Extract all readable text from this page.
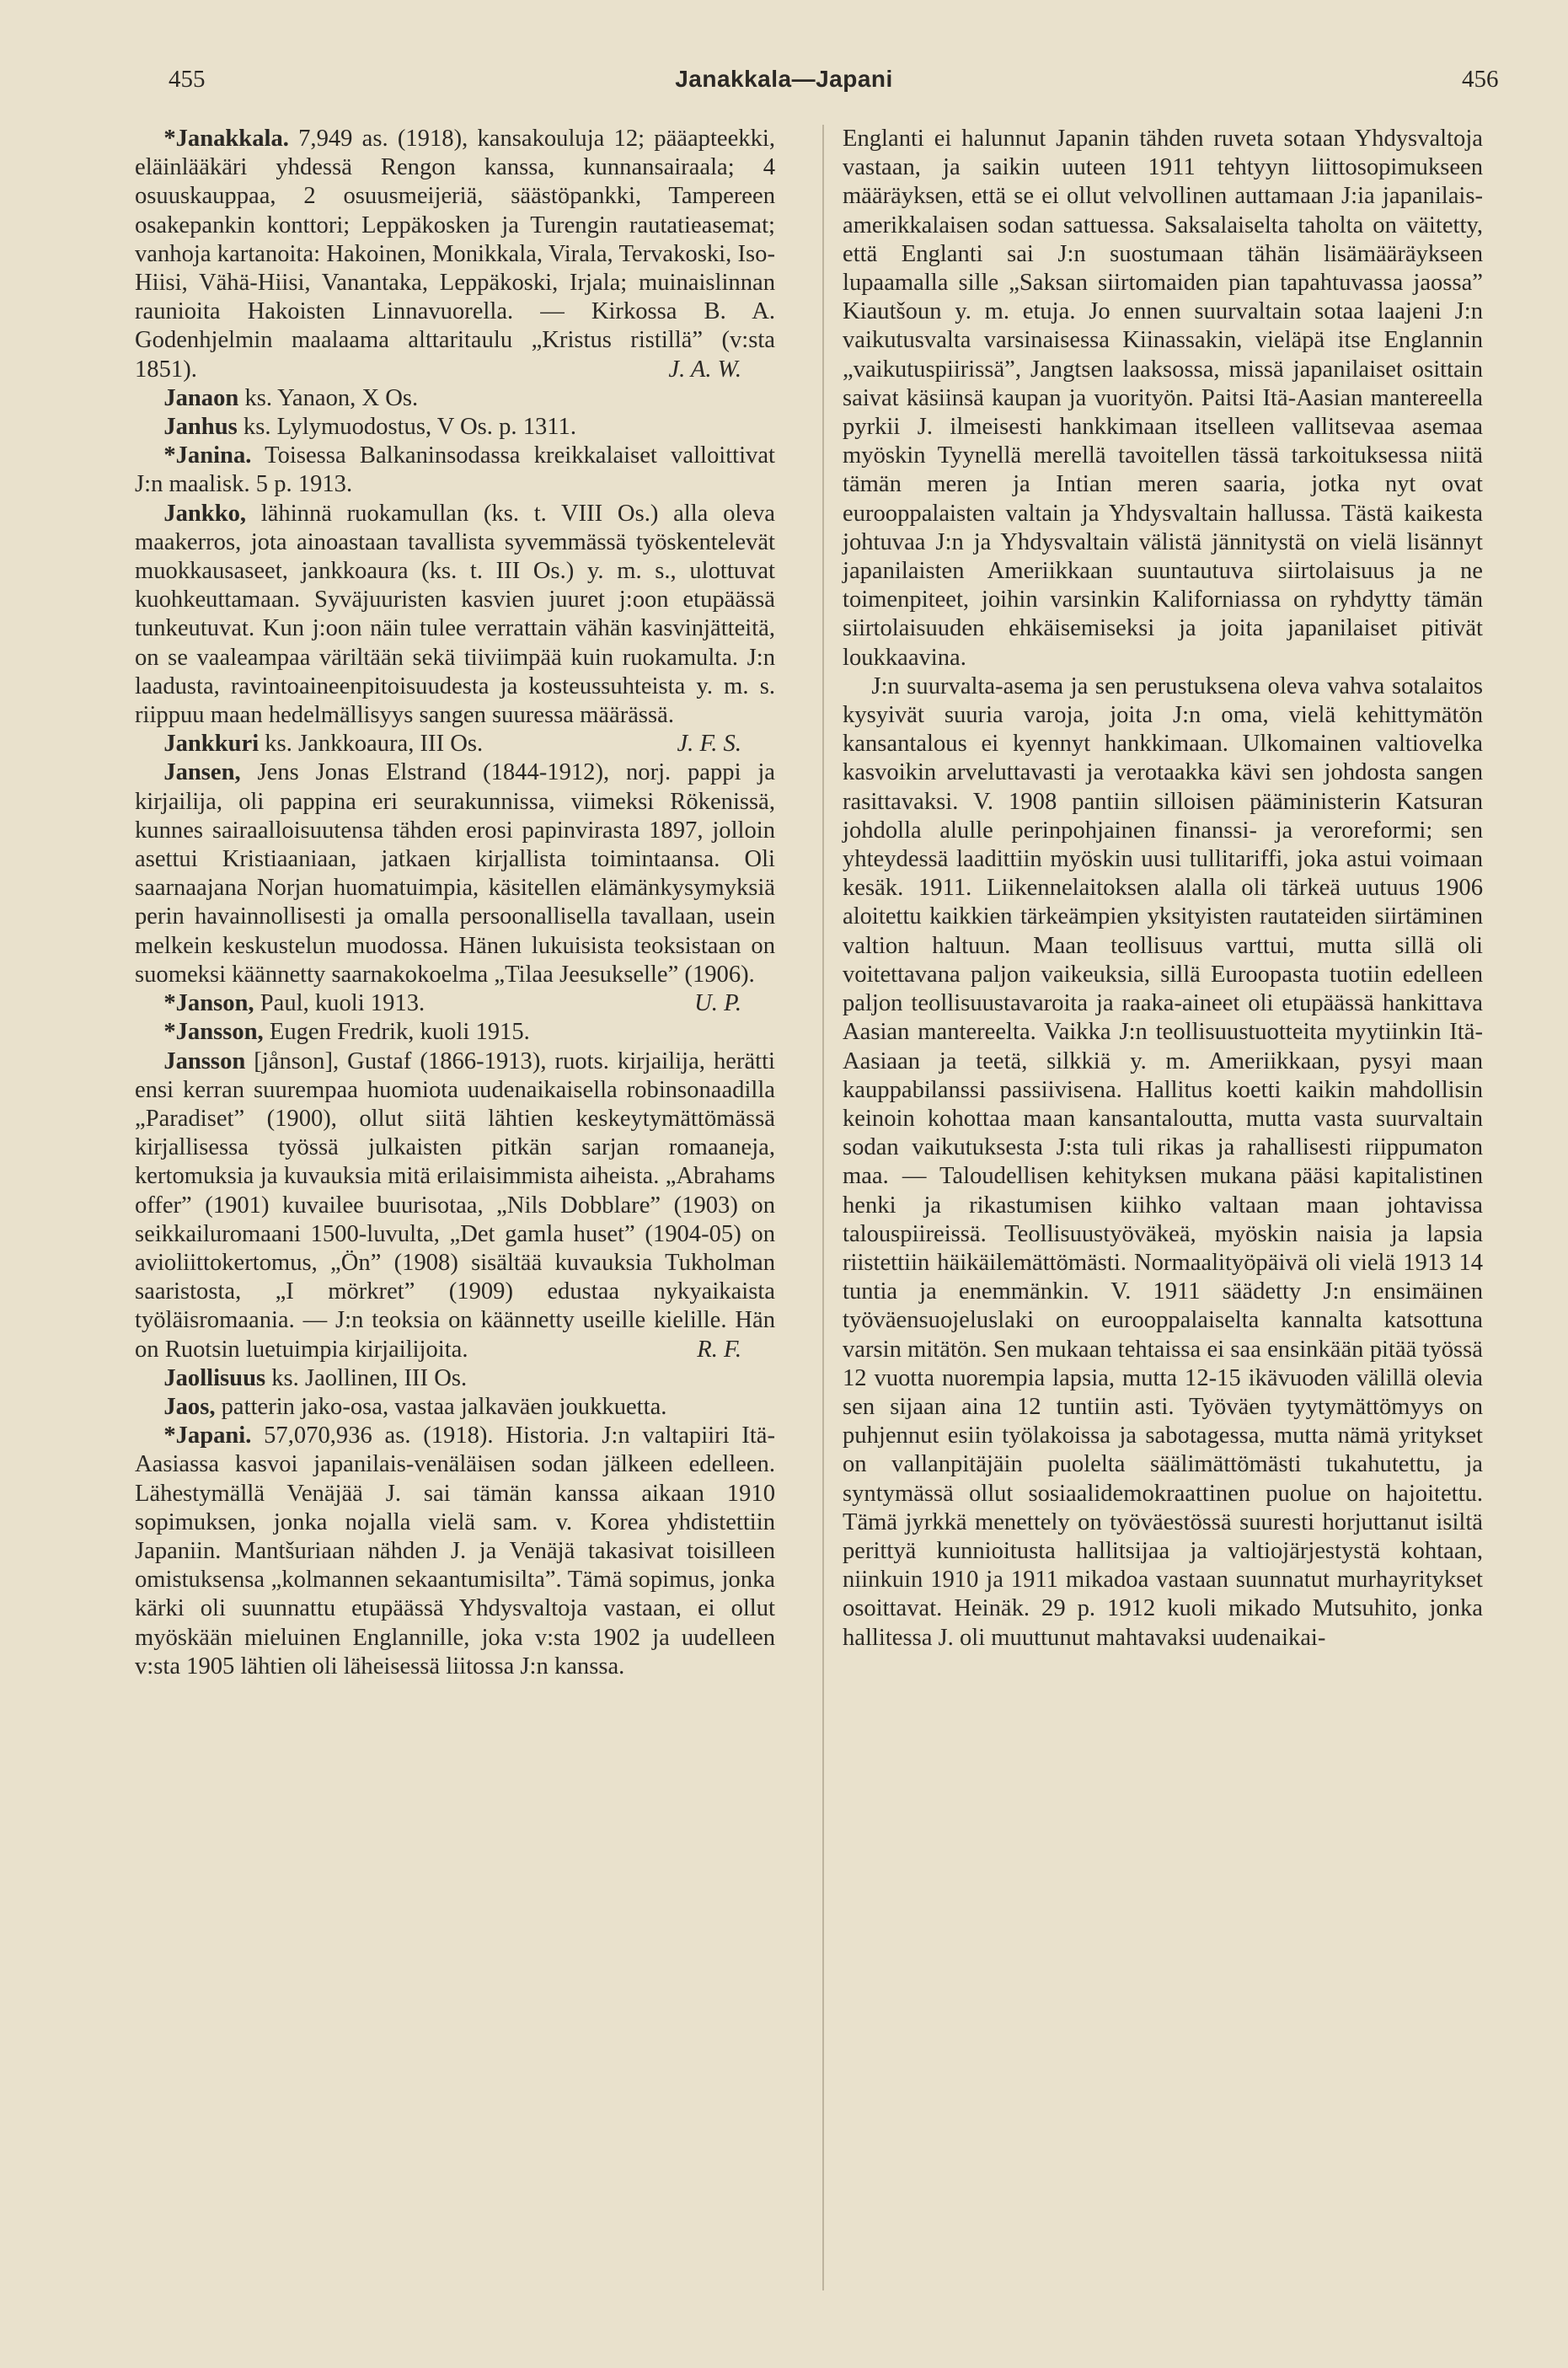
455	Janakkala—Japani	456

*Janakkala. 7,949 as. (1918), kansakouluja 12; pääapteekki, eläinlääkäri yhdessä Rengon kanssa, kunnansairaala; 4 osuuskauppaa, 2 osuusmeijeriä, säästöpankki, Tampereen osakepankin konttori; Leppäkosken ja Turengin rautatieasemat; vanhoja kartanoita: Hakoinen, Monikkala, Virala, Tervakoski, Iso-Hiisi, Vähä-Hiisi, Vanantaka, Leppäkoski, Irjala; muinaislinnan raunioita Hakoisten Linnavuorella. — Kirkossa B. A. Godenhjelmin maalaama alttaritaulu „Kristus ristillä” (v:sta 1851).	J. A. W.

Janaon ks. Yanaon, X Os.

Janhus ks. Lylymuodostus, V Os. p. 1311.

*Janina. Toisessa Balkaninsodassa kreikkalaiset valloittivat J:n maalisk. 5 p. 1913.

Jankko, lähinnä ruokamullan (ks. t. VIII Os.) alla oleva maakerros, jota ainoastaan tavallista syvemmässä työskentelevät muokkausaseet, jankkoaura (ks. t. III Os.) y. m. s., ulottuvat kuohkeuttamaan. Syväjuuristen kasvien juuret j:oon etupäässä tunkeutuvat. Kun j:oon näin tulee verrattain vähän kasvinjätteitä, on se vaaleampaa väriltään sekä tiiviimpää kuin ruokamulta. J:n laadusta, ravintoaineenpitoisuudesta ja kosteussuhteista y. m. s. riippuu maan hedelmällisyys sangen suuressa määrässä.
J. F. S.

Jankkuri ks. Jankkoaura, III Os.

Jansen, Jens Jonas Elstrand (1844-1912), norj. pappi ja kirjailija, oli pappina eri seurakunnissa, viimeksi Rökenissä, kunnes sairaalloisuutensa tähden erosi papinvirasta 1897, jolloin asettui Kristiaaniaan, jatkaen kirjallista toimintaansa. Oli saarnaajana Norjan huomatuimpia, käsitellen elämänkysymyksiä perin havainnollisesti ja omalla persoonallisella tavallaan, usein melkein keskustelun muodossa. Hänen lukuisista teoksistaan on suomeksi käännetty saarnakokoelma „Tilaa Jeesukselle” (1906).
U. P.

*Janson, Paul, kuoli 1913.

*Jansson, Eugen Fredrik, kuoli 1915.

Jansson [jånson], Gustaf (1866-1913), ruots. kirjailija, herätti ensi kerran suurempaa huomiota uudenaikaisella robinsonaadilla „Paradiset” (1900), ollut siitä lähtien keskeytymättömässä kirjallisessa työssä julkaisten pitkän sarjan romaaneja, kertomuksia ja kuvauksia mitä erilaisimmista aiheista. „Abrahams offer” (1901) kuvailee buurisotaa, „Nils Dobblare” (1903) on seikkailuromaani 1500-luvulta, „Det gamla huset” (1904-05) on avioliittokertomus, „Ön” (1908) sisältää kuvauksia Tukholman saaristosta, „I mörkret” (1909) edustaa nykyaikaista työläisromaania. — J:n teoksia on käännetty useille kielille. Hän on Ruotsin luetuimpia kirjailijoita.	R. F.

Jaollisuus ks. Jaollinen, III Os.

Jaos, patterin jako-osa, vastaa jalkaväen joukkuetta.

*Japani. 57,070,936 as. (1918). Historia. J:n valtapiiri Itä-Aasiassa kasvoi japanilais-venäläisen sodan jälkeen edelleen. Lähestymällä Venäjää J. sai tämän kanssa aikaan 1910 sopimuksen, jonka nojalla vielä sam. v. Korea yhdistettiin Japaniin. Mantšuriaan nähden J. ja Venäjä takasivat toisilleen omistuksensa „kolmannen sekaantumisilta”. Tämä sopimus, jonka kärki oli suunnattu etupäässä Yhdysvaltoja vastaan, ei ollut myöskään mieluinen Englannille, joka v:sta 1902 ja uudelleen v:sta 1905 lähtien oli läheisessä liitossa J:n kanssa.

Englanti ei halunnut Japanin tähden ruveta sotaan Yhdysvaltoja vastaan, ja saikin uuteen 1911 tehtyyn liittosopimukseen määräyksen, että se ei ollut velvollinen auttamaan J:ia japanilais-amerikkalaisen sodan sattuessa. Saksalaiselta taholta on väitetty, että Englanti sai J:n suostumaan tähän lisämääräykseen lupaamalla sille „Saksan siirtomaiden pian tapahtuvassa jaossa” Kiautšoun y. m. etuja. Jo ennen suurvaltain sotaa laajeni J:n vaikutusvalta varsinaisessa Kiinassakin, vieläpä itse Englannin „vaikutuspiirissä”, Jangtsen laaksossa, missä japanilaiset osittain saivat käsiinsä kaupan ja vuorityön. Paitsi Itä-Aasian mantereella pyrkii J. ilmeisesti hankkimaan itselleen vallitsevaa asemaa myöskin Tyynellä merellä tavoitellen tässä tarkoituksessa niitä tämän meren ja Intian meren saaria, jotka nyt ovat eurooppalaisten valtain ja Yhdysvaltain hallussa. Tästä kaikesta johtuvaa J:n ja Yhdysvaltain välistä jännitystä on vielä lisännyt japanilaisten Ameriikkaan suuntautuva siirtolaisuus ja ne toimenpiteet, joihin varsinkin Kaliforniassa on ryhdytty tämän siirtolaisuuden ehkäisemiseksi ja joita japanilaiset pitivät loukkaavina.

J:n suurvalta-asema ja sen perustuksena oleva vahva sotalaitos kysyivät suuria varoja, joita J:n oma, vielä kehittymätön kansantalous ei kyennyt hankkimaan. Ulkomainen valtiovelka kasvoikin arveluttavasti ja verotaakka kävi sen johdosta sangen rasittavaksi. V. 1908 pantiin silloisen pääministerin Katsuran johdolla alulle perinpohjainen finanssi- ja veroreformi; sen yhteydessä laadittiin myöskin uusi tullitariffi, joka astui voimaan kesäk. 1911. Liikennelaitoksen alalla oli tärkeä uutuus 1906 aloitettu kaikkien tärkeämpien yksityisten rautateiden siirtäminen valtion haltuun. Maan teollisuus varttui, mutta sillä oli voitettavana paljon vaikeuksia, sillä Euroopasta tuotiin edelleen paljon teollisuustavaroita ja raaka-aineet oli etupäässä hankittava Aasian mantereelta. Vaikka J:n teollisuustuotteita myytiinkin Itä-Aasiaan ja teetä, silkkiä y. m. Ameriikkaan, pysyi maan kauppabilanssi passiivisena. Hallitus koetti kaikin mahdollisin keinoin kohottaa maan kansantaloutta, mutta vasta suurvaltain sodan vaikutuksesta J:sta tuli rikas ja rahallisesti riippumaton maa. — Taloudellisen kehityksen mukana pääsi kapitalistinen henki ja rikastumisen kiihko valtaan maan johtavissa talouspiireissä. Teollisuustyöväkeä, myöskin naisia ja lapsia riistettiin häikäilemättömästi. Normaalityöpäivä oli vielä 1913 14 tuntia ja enemmänkin. V. 1911 säädetty J:n ensimäinen työväensuojeluslaki on eurooppalaiselta kannalta katsottuna varsin mitätön. Sen mukaan tehtaissa ei saa ensinkään pitää työssä 12 vuotta nuorempia lapsia, mutta 12-15 ikävuoden välillä olevia sen sijaan aina 12 tuntiin asti. Työväen tyytymättömyys on puhjennut esiin työlakoissa ja sabotagessa, mutta nämä yritykset on vallanpitäjäin puolelta säälimättömästi tukahutettu, ja syntymässä ollut sosiaalidemokraattinen puolue on hajoitettu. Tämä jyrkkä menettely on työväestössä suuresti horjuttanut isiltä perittyä kunnioitusta hallitsijaa ja valtiojärjestystä kohtaan, niinkuin 1910 ja 1911 mikadoa vastaan suunnatut murhayritykset osoittavat. Heinäk. 29 p. 1912 kuoli mikado Mutsuhito, jonka hallitessa J. oli muuttunut mahtavaksi uudenaikai-
